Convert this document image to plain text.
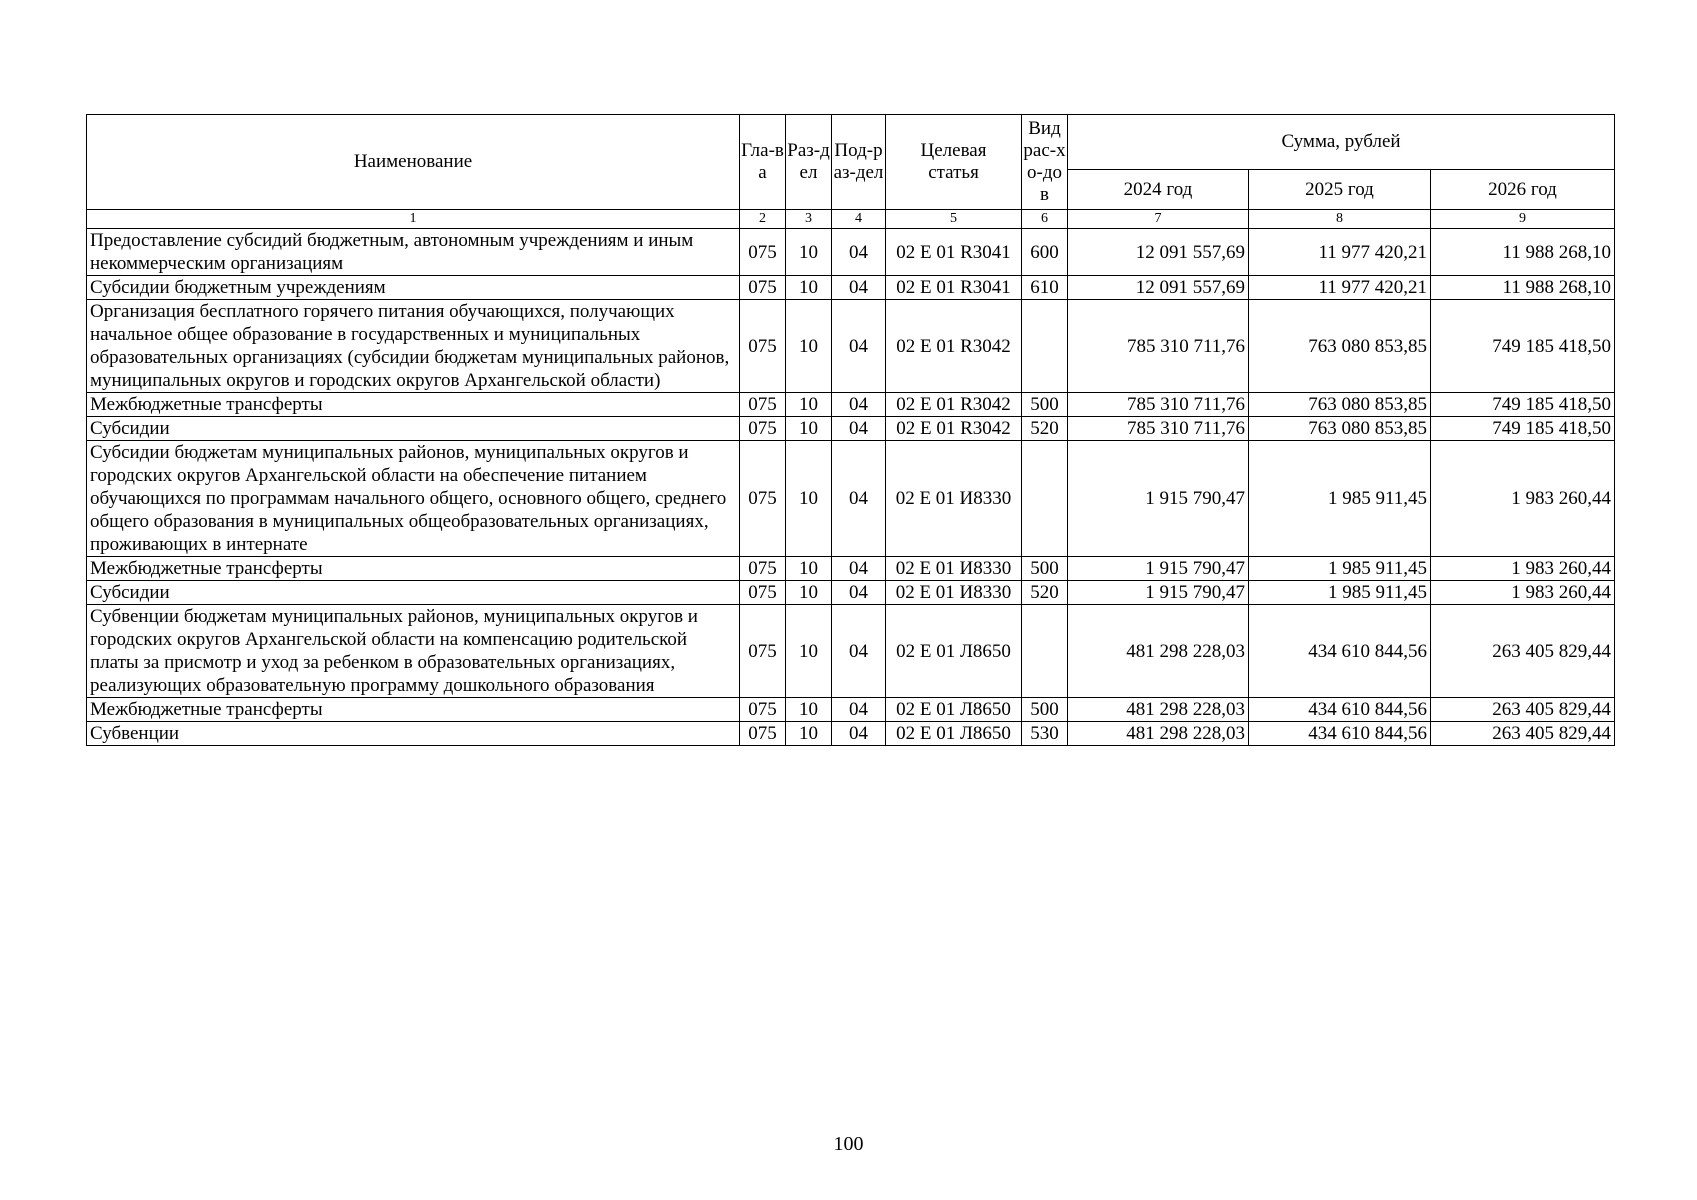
Наименование	Гла-ва	Раз-дел	Под-раз-дел	Целевая статья	Вид рас-хо-дов	Сумма, рублей		
						2024 год	2025 год	2026 год
1	2	3	4	5	6	7	8	9
Предоставление субсидий бюджетным, автономным учреждениям и иным некоммерческим организациям	075	10	04	02 Е 01 R3041	600	12 091 557,69	11 977 420,21	11 988 268,10
Субсидии бюджетным учреждениям	075	10	04	02 Е 01 R3041	610	12 091 557,69	11 977 420,21	11 988 268,10
Организация бесплатного горячего питания обучающихся, получающих начальное общее образование в государственных и муниципальных образовательных организациях (субсидии бюджетам муниципальных районов, муниципальных округов и городских округов Архангельской области)	075	10	04	02 Е 01 R3042		785 310 711,76	763 080 853,85	749 185 418,50
Межбюджетные трансферты	075	10	04	02 Е 01 R3042	500	785 310 711,76	763 080 853,85	749 185 418,50
Субсидии	075	10	04	02 Е 01 R3042	520	785 310 711,76	763 080 853,85	749 185 418,50
Субсидии бюджетам муниципальных районов, муниципальных округов и городских округов Архангельской области на обеспечение питанием обучающихся по программам начального общего, основного общего, среднего общего образования в муниципальных общеобразовательных организациях, проживающих в интернате	075	10	04	02 Е 01 И8330		1 915 790,47	1 985 911,45	1 983 260,44
Межбюджетные трансферты	075	10	04	02 Е 01 И8330	500	1 915 790,47	1 985 911,45	1 983 260,44
Субсидии	075	10	04	02 Е 01 И8330	520	1 915 790,47	1 985 911,45	1 983 260,44
Субвенции бюджетам муниципальных районов, муниципальных округов и городских округов Архангельской области на компенсацию родительской платы за присмотр и уход за ребенком в образовательных организациях, реализующих образовательную программу дошкольного образования	075	10	04	02 Е 01 Л8650		481 298 228,03	434 610 844,56	263 405 829,44
Межбюджетные трансферты	075	10	04	02 Е 01 Л8650	500	481 298 228,03	434 610 844,56	263 405 829,44
Субвенции	075	10	04	02 Е 01 Л8650	530	481 298 228,03	434 610 844,56	263 405 829,44
100
